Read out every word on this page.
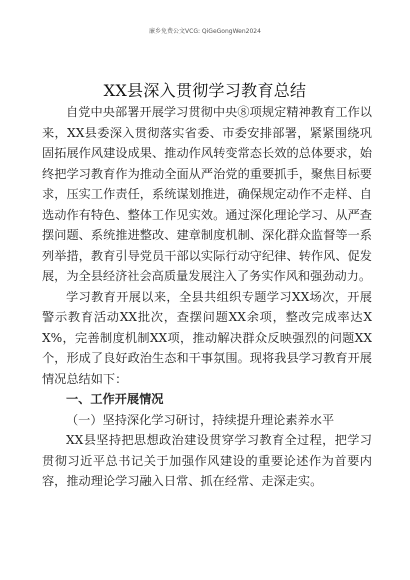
廉乡免费公文VCG: QiGeGongWen2024
XX县深入贯彻学习教育总结

自党中央部署开展学习贯彻中央⑧项规定精神教育工作以来，XX县委深入贯彻落实省委、市委安排部署，紧紧围绕巩固拓展作风建设成果、推动作风转变常态长效的总体要求，始终把学习教育作为推动全面从严治党的重要抓手，聚焦目标要求，压实工作责任，系统谋划推进，确保规定动作不走样、自选动作有特色、整体工作见实效。通过深化理论学习、从严查摆问题、系统推进整改、建章制度机制、深化群众监督等一系列举措，教育引导党员干部以实际行动守纪律、转作风、促发展，为全县经济社会高质量发展注入了务实作风和强劲动力。

学习教育开展以来，全县共组织专题学习XX场次，开展警示教育活动XX批次，查摆问题XX余项，整改完成率达XX%，完善制度机制XX项，推动解决群众反映强烈的问题XX个，形成了良好政治生态和干事氛围。现将我县学习教育开展情况总结如下：

一、工作开展情况

（一）坚持深化学习研讨，持续提升理论素养水平

XX县坚持把思想政治建设贯穿学习教育全过程，把学习贯彻习近平总书记关于加强作风建设的重要论述作为首要内容，推动理论学习融入日常、抓在经常、走深走实。
